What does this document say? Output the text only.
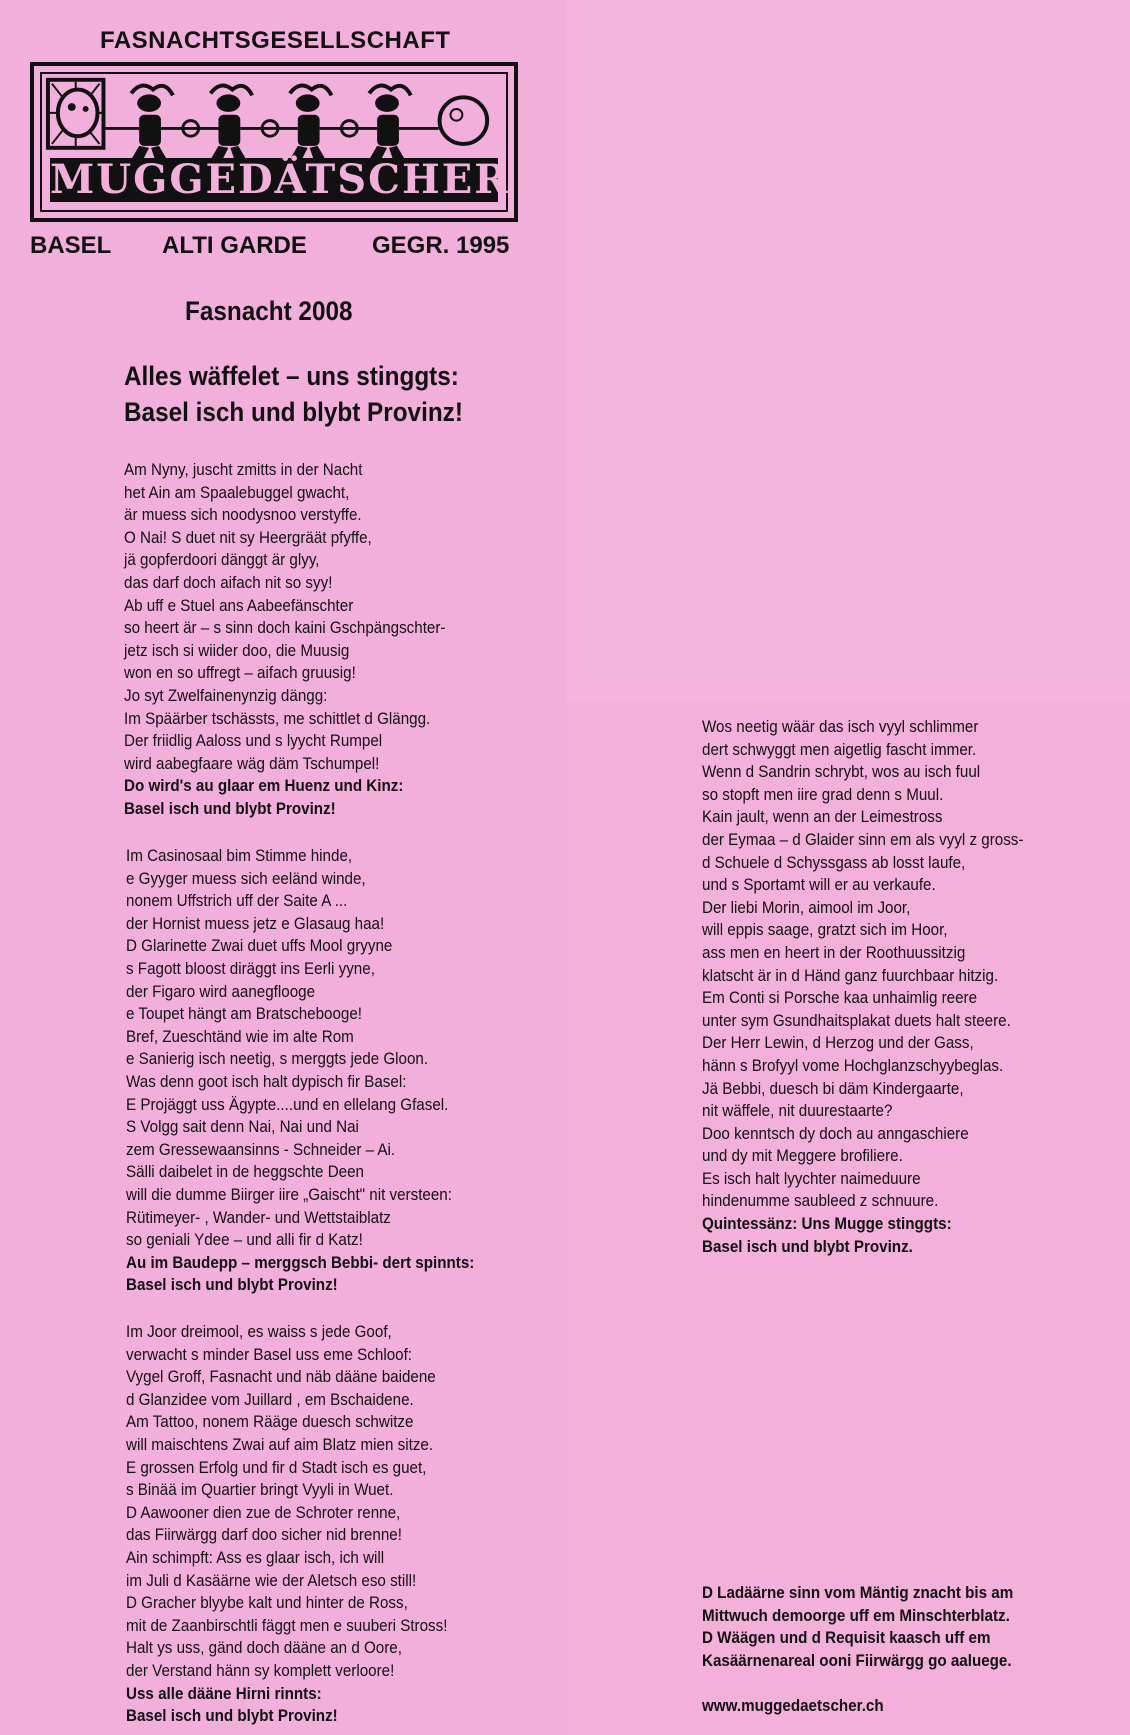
FASNACHTSGESELLSCHAFT
MUGGEDÄTSCHER
BASEL ALTI GARDE	GEGR. 1995
Fasnacht 2008
Alles wäffelet – uns stinggts:
Basel isch und blybt Provinz!
Am Nyny, juscht zmitts in der Nacht
het Ain am Spaalebuggel gwacht,
är muess sich noodysnoo verstyffe.
O Nai! S duet nit sy Heergräät pfyffe,
jä gopferdoori dänggt är glyy,
das darf doch aifach nit so syy!
Ab uff e Stuel ans Aabeefänschter
so heert är – s sinn doch kaini Gschpängschter-
jetz isch si wiider doo, die Muusig
won en so uffregt – aifach gruusig!
Jo syt Zwelfainenynzig dängg:
Im Späärber tschässts, me schittlet d Glängg.
Der friidlig Aaloss und s lyycht Rumpel
wird aabegfaare wäg däm Tschumpel!
Do wird's au glaar em Huenz und Kinz:
Basel isch und blybt Provinz!
Im Casinosaal bim Stimme hinde,
e Gyyger muess sich eeländ winde,
nonem Uffstrich uff der Saite A ...
der Hornist muess jetz e Glasaug haa!
D Glarinette Zwai duet uffs Mool gryyne
s Fagott bloost diräggt ins Eerli yyne,
der Figaro wird aanegflooge
e Toupet hängt am Bratschebooge!
Bref, Zueschtänd wie im alte Rom
e Sanierig isch neetig, s merggts jede Gloon.
Was denn goot isch halt dypisch fir Basel:
E Projäggt uss Ägypte....und en ellelang Gfasel.
S Volgg sait denn Nai, Nai und Nai
zem Gressewaansinns - Schneider – Ai.
Sälli daibelet in de heggschte Deen
will die dumme Biirger iire „Gaischt" nit versteen:
Rütimeyer- , Wander- und Wettstaiblatz
so geniali Ydee – und alli fir d Katz!
Au im Baudepp – merggsch Bebbi- dert spinnts:
Basel isch und blybt Provinz!
Im Joor dreimool, es waiss s jede Goof,
verwacht s minder Basel uss eme Schloof:
Vygel Groff, Fasnacht und näb dääne baidene
d Glanzidee vom Juillard , em Bschaidene.
Am Tattoo, nonem Rääge duesch schwitze
will maischtens Zwai auf aim Blatz mien sitze.
E grossen Erfolg und fir d Stadt isch es guet,
s Binää im Quartier bringt Vyyli in Wuet.
D Aawooner dien zue de Schroter renne,
das Fiirwärgg darf doo sicher nid brenne!
Ain schimpft: Ass es glaar isch, ich will
im Juli d Kasäärne wie der Aletsch eso still!
D Gracher blyybe kalt und hinter de Ross,
mit de Zaanbirschtli fäggt men e suuberi Stross!
Halt ys uss, gänd doch dääne an d Oore,
der Verstand hänn sy komplett verloore!
Uss alle dääne Hirni rinnts:
Basel isch und blybt Provinz!
Wos neetig wäär das isch vyyl schlimmer
dert schwyggt men aigetlig fascht immer.
Wenn d Sandrin schrybt, wos au isch fuul
so stopft men iire grad denn s Muul.
Kain jault, wenn an der Leimestross
der Eymaa – d Glaider sinn em als vyyl z gross-
d Schuele d Schyssgass ab losst laufe,
und s Sportamt will er au verkaufe.
Der liebi Morin, aimool im Joor,
will eppis saage, gratzt sich im Hoor,
ass men en heert in der Roothuussitzig
klatscht är in d Händ ganz fuurchbaar hitzig.
Em Conti si Porsche kaa unhaimlig reere
unter sym Gsundhaitsplakat duets halt steere.
Der Herr Lewin, d Herzog und der Gass,
hänn s Brofyyl vome Hochglanzschyybeglas.
Jä Bebbi, duesch bi däm Kindergaarte,
nit wäffele, nit duurestaarte?
Doo kenntsch dy doch au anngaschiere
und dy mit Meggere brofiliere.
Es isch halt lyychter naimeduure
hindenumme saubleed z schnuure.
Quintessänz: Uns Mugge stinggts:
Basel isch und blybt Provinz.
D Ladäärne sinn vom Mäntig znacht bis am
Mittwuch demoorge uff em Minschterblatz.
D Wäägen und d Requisit kaasch uff em
Kasäärnenareal ooni Fiirwärgg go aaluege.
www.muggedaetscher.ch
